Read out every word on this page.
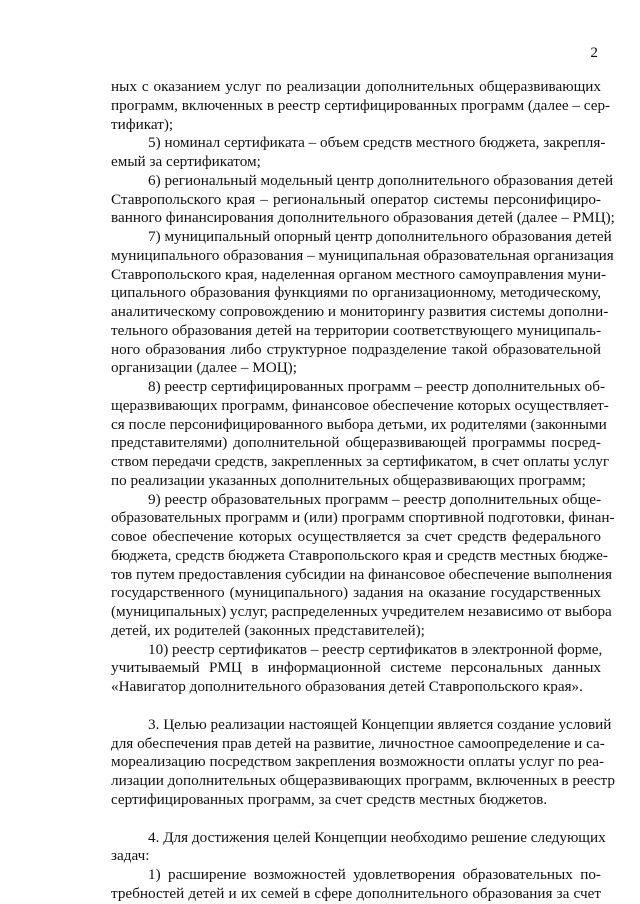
2
ных с оказанием услуг по реализации дополнительных общеразвивающих
программ, включенных в реестр сертифицированных программ (далее – сер-
тификат);
5) номинал сертификата – объем средств местного бюджета, закрепля-
емый за сертификатом;
6) региональный модельный центр дополнительного образования детей
Ставропольского края – региональный оператор системы персонифициро-
ванного финансирования дополнительного образования детей (далее – РМЦ);
7) муниципальный опорный центр дополнительного образования детей
муниципального образования – муниципальная образовательная организация
Ставропольского края, наделенная органом местного самоуправления муни-
ципального образования функциями по организационному, методическому,
аналитическому сопровождению и мониторингу развития системы дополни-
тельного образования детей на территории соответствующего муниципаль-
ного образования либо структурное подразделение такой образовательной
организации (далее – МОЦ);
8) реестр сертифицированных программ – реестр дополнительных об-
щеразвивающих программ, финансовое обеспечение которых осуществляет-
ся после персонифицированного выбора детьми, их родителями (законными
представителями) дополнительной общеразвивающей программы посред-
ством передачи средств, закрепленных за сертификатом, в счет оплаты услуг
по реализации указанных дополнительных общеразвивающих программ;
9) реестр образовательных программ – реестр дополнительных обще-
образовательных программ и (или) программ спортивной подготовки, финан-
совое обеспечение которых осуществляется за счет средств федерального
бюджета, средств бюджета Ставропольского края и средств местных бюдже-
тов путем предоставления субсидии на финансовое обеспечение выполнения
государственного (муниципального) задания на оказание государственных
(муниципальных) услуг, распределенных учредителем независимо от выбора
детей, их родителей (законных представителей);
10) реестр сертификатов – реестр сертификатов в электронной форме,
учитываемый РМЦ в информационной системе персональных данных
«Навигатор дополнительного образования детей Ставропольского края».
3. Целью реализации настоящей Концепции является создание условий
для обеспечения прав детей на развитие, личностное самоопределение и са-
мореализацию посредством закрепления возможности оплаты услуг по реа-
лизации дополнительных общеразвивающих программ, включенных в реестр
сертифицированных программ, за счет средств местных бюджетов.
4. Для достижения целей Концепции необходимо решение следующих
задач:
1) расширение возможностей удовлетворения образовательных по-
требностей детей и их семей в сфере дополнительного образования за счет
